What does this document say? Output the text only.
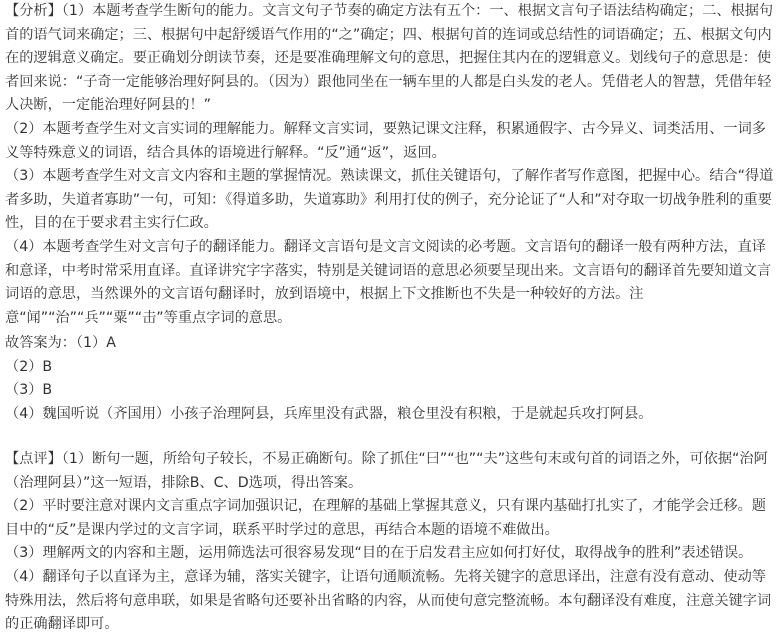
【分析】（1）本题考查学生断句的能力。文言文句子节奏的确定方法有五个：一、根据文言句子语法结构确定；二、根据句首的语气词来确定；三、根据句中起舒缓语气作用的“之”确定；四、根据句首的连词或总结性的词语确定；五、根据文句内在的逻辑意义确定。要正确划分朗读节奏，还是要准确理解文句的意思，把握住其内在的逻辑意义。划线句子的意思是：使者回来说：“子奇一定能够治理好阿县的。（因为）跟他同坐在一辆车里的人都是白头发的老人。凭借老人的智慧，凭借年轻人决断，一定能治理好阿县的！”

（2）本题考查学生对文言实词的理解能力。解释文言实词，要熟记课文注释，积累通假字、古今异义、词类活用、一词多义等特殊意义的词语，结合具体的语境进行解释。“反”通“返”，返回。

（3）本题考查学生对文言文内容和主题的掌握情况。熟读课文，抓住关键语句，了解作者写作意图，把握中心。结合“得道者多助，失道者寡助”一句，可知：《得道多助，失道寡助》利用打仗的例子，充分论证了“人和”对夺取一切战争胜利的重要性，目的在于要求君主实行仁政。

（4）本题考查学生对文言句子的翻译能力。翻译文言语句是文言文阅读的必考题。文言语句的翻译一般有两种方法，直译和意译，中考时常采用直译。直译讲究字字落实，特别是关键词语的意思必须要呈现出来。文言语句的翻译首先要知道文言词语的意思，当然课外的文言语句翻译时，放到语境中，根据上下文推断也不失是一种较好的方法。注

意“闻”“治”“兵”“粟”“击”等重点字词的意思。

故答案为：（1）A

（2）B

（3）B

（4）魏国听说（齐国用）小孩子治理阿县，兵库里没有武器，粮仓里没有积粮，于是就起兵攻打阿县。

【点评】（1）断句一题，所给句子较长，不易正确断句。除了抓住“曰”“也”“夫”这些句末或句首的词语之外，可依据“治阿（治理阿县）”这一短语，排除B、C、D选项，得出答案。

（2）平时要注意对课内文言重点字词加强识记，在理解的基础上掌握其意义，只有课内基础打扎实了，才能学会迁移。题目中的“反”是课内学过的文言字词，联系平时学过的意思，再结合本题的语境不难做出。

（3）理解两文的内容和主题，运用筛选法可很容易发现“目的在于启发君主应如何打好仗，取得战争的胜利”表述错误。

（4）翻译句子以直译为主，意译为辅，落实关键字，让语句通顺流畅。先将关键字的意思译出，注意有没有意动、使动等特殊用法，然后将句意串联，如果是省略句还要补出省略的内容，从而使句意完整流畅。本句翻译没有难度，注意关键字词的正确翻译即可。
